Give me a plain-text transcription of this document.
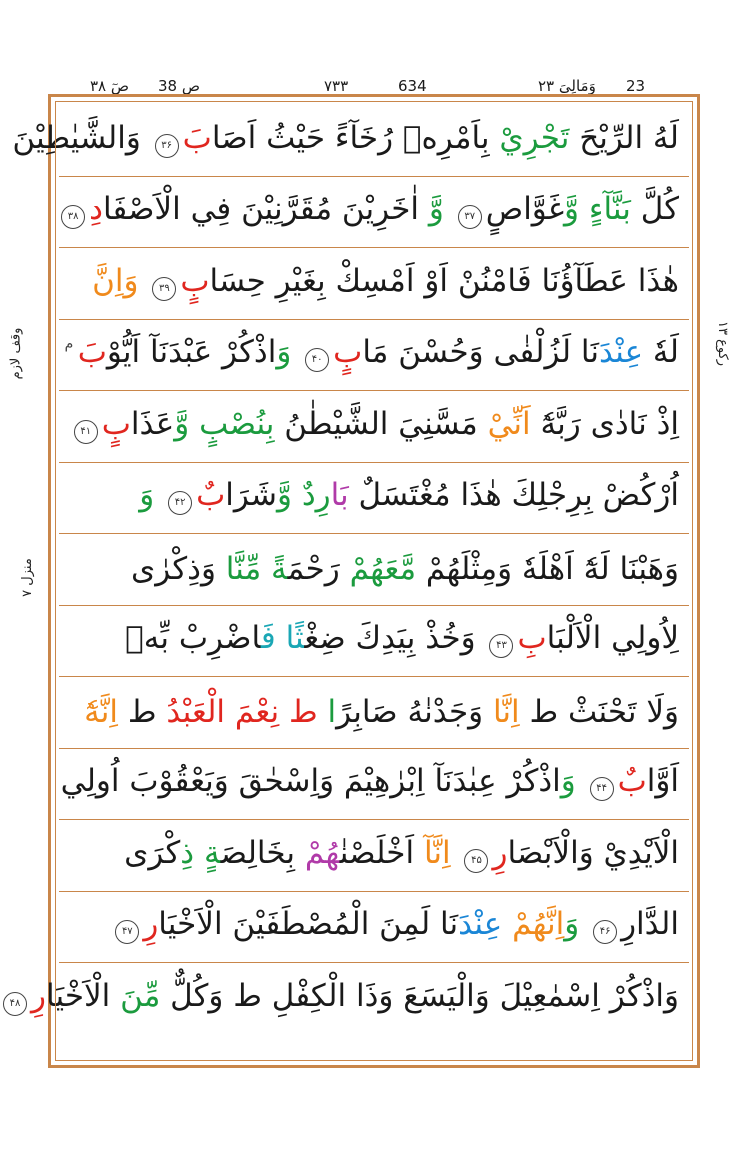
۳۸ صٓ 38 ص	۷۳۳	634	وَمَالِیَ ۲۳ 23
وقف لازم
منزل ۷
رکوع ۱۳
لَهُ الرِّيْحَ تَجْرِيْ بِاَمْرِهٖ رُخَآءً حَيْثُ اَصَابَ۳۶ وَالشَّيٰطِيْنَ
كُلَّ بَنَّآءٍ وَّغَوَّاصٍ۳۷ وَّ اٰخَرِيْنَ مُقَرَّنِيْنَ فِي الْاَصْفَادِ۳۸
هٰذَا عَطَآؤُنَا فَامْنُنْ اَوْ اَمْسِكْ بِغَيْرِ حِسَابٍ۳۹ وَاِنَّ
لَهٗ عِنْدَنَا لَزُلْفٰى وَحُسْنَ مَابٍ۴۰ وَاذْكُرْ عَبْدَنَآ اَيُّوْبَ $^م$
اِذْ نَادٰى رَبَّهٗٓ اَنِّيْ مَسَّنِيَ الشَّيْطٰنُ بِنُصْبٍ وَّعَذَابٍ۴۱
اُرْكُضْ بِرِجْلِكَ هٰذَا مُغْتَسَلٌ بَارِدٌ وَّشَرَابٌ۴۲ وَ
وَهَبْنَا لَهٗٓ اَهْلَهٗ وَمِثْلَهُمْ مَّعَهُمْ رَحْمَةً مِّنَّا وَذِكْرٰى
لِاُولِي الْاَلْبَابِ۴۳ وَخُذْ بِيَدِكَ ضِغْثًا فَاضْرِبْ بِّهٖ
وَلَا تَحْنَثْ ط اِنَّا وَجَدْنٰهُ صَابِرًا ط نِعْمَ الْعَبْدُ ط اِنَّهٗٓ
اَوَّابٌ۴۴ وَاذْكُرْ عِبٰدَنَآ اِبْرٰهِيْمَ وَاِسْحٰقَ وَيَعْقُوْبَ اُولِي
الْاَيْدِيْ وَالْاَبْصَارِ۴۵ اِنَّآ اَخْلَصْنٰهُمْ بِخَالِصَةٍ ذِكْرَى
الدَّارِ۴۶ وَاِنَّهُمْ عِنْدَنَا لَمِنَ الْمُصْطَفَيْنَ الْاَخْيَارِ۴۷
وَاذْكُرْ اِسْمٰعِيْلَ وَالْيَسَعَ وَذَا الْكِفْلِ ط وَكُلٌّ مِّنَ الْاَخْيَارِ۴۸
